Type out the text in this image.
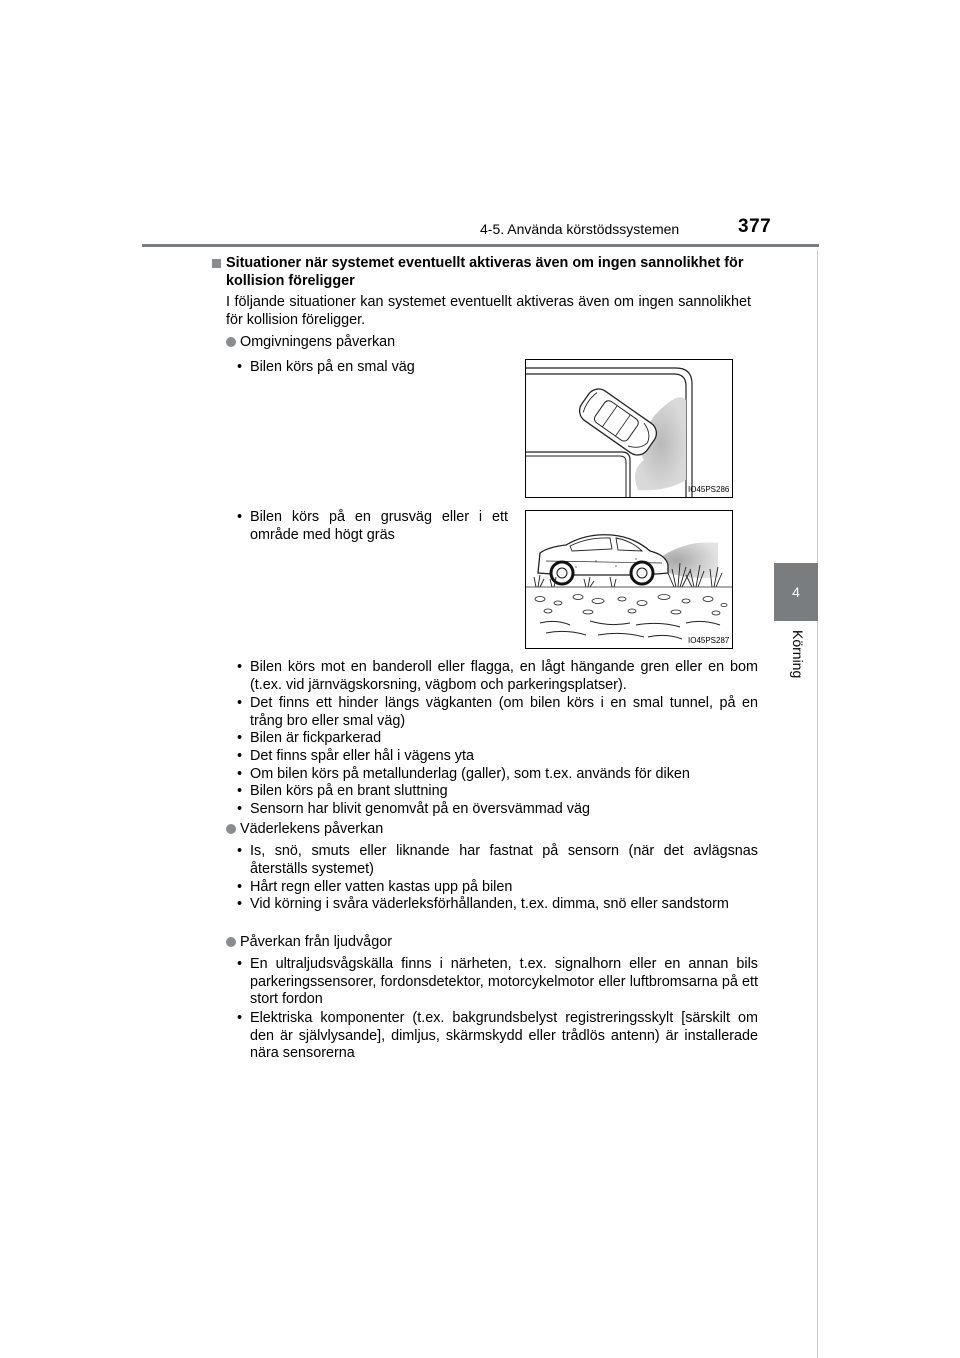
4-5. Använda körstödssystemen	377
4
Körning
Situationer när systemet eventuellt aktiveras även om ingen sannolikhet för kollision föreligger
I följande situationer kan systemet eventuellt aktiveras även om ingen sannolikhet för kollision föreligger.
Omgivningens påverkan
• Bilen körs på en smal väg
IO45PS286
• Bilen körs på en grusväg eller i ett område med högt gräs
IO45PS287
• Bilen körs mot en banderoll eller flagga, en lågt hängande gren eller en bom (t.ex. vid järnvägskorsning, vägbom och parkeringsplatser).
• Det finns ett hinder längs vägkanten (om bilen körs i en smal tunnel, på en trång bro eller smal väg)
• Bilen är fickparkerad
• Det finns spår eller hål i vägens yta
• Om bilen körs på metallunderlag (galler), som t.ex. används för diken
• Bilen körs på en brant sluttning
• Sensorn har blivit genomvåt på en översvämmad väg
Väderlekens påverkan
• Is, snö, smuts eller liknande har fastnat på sensorn (när det avlägsnas återställs systemet)
• Hårt regn eller vatten kastas upp på bilen
• Vid körning i svåra väderleksförhållanden, t.ex. dimma, snö eller sandstorm
Påverkan från ljudvågor
• En ultraljudsvågskälla finns i närheten, t.ex. signalhorn eller en annan bils parkeringssensorer, fordonsdetektor, motorcykelmotor eller luftbromsarna på ett stort fordon
• Elektriska komponenter (t.ex. bakgrundsbelyst registreringsskylt [särskilt om den är självlysande], dimljus, skärmskydd eller trådlös antenn) är installerade nära sensorerna
